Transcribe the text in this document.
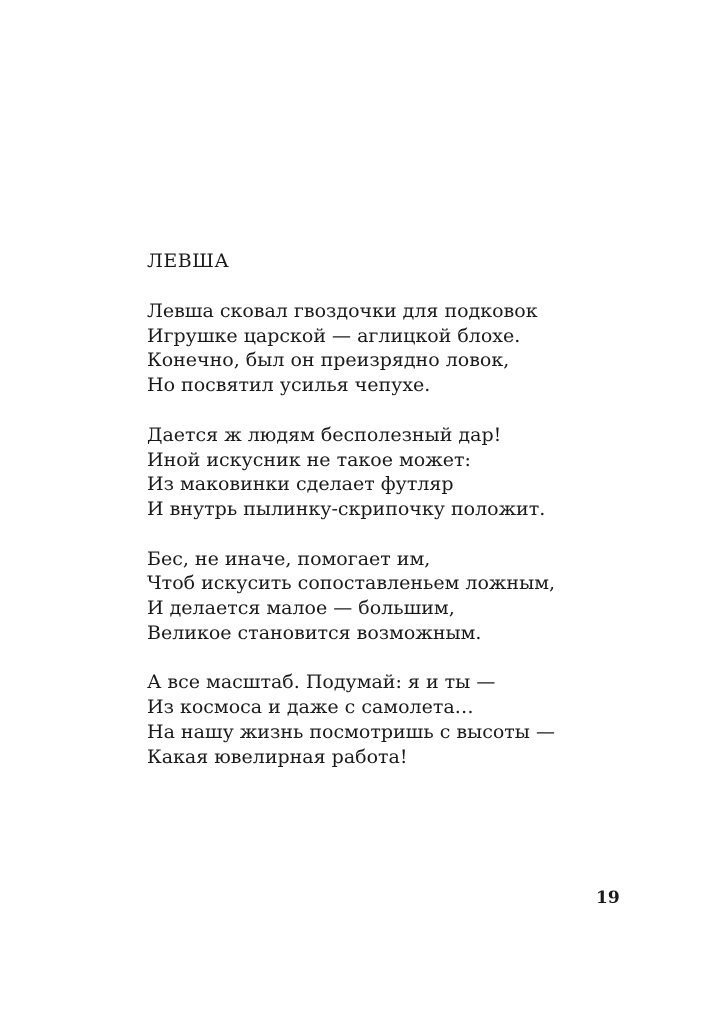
ЛЕВША
Левша сковал гвоздочки для подковок
Игрушке царской — аглицкой блохе.
Конечно, был он преизрядно ловок,
Но посвятил усилья чепухе.
Дается ж людям бесполезный дар!
Иной искусник не такое может:
Из маковинки сделает футляр
И внутрь пылинку-скрипочку положит.
Бес, не иначе, помогает им,
Чтоб искусить сопоставленьем ложным,
И делается малое — большим,
Великое становится возможным.
А все масштаб. Подумай: я и ты —
Из космоса и даже с самолета…
На нашу жизнь посмотришь с высоты —
Какая ювелирная работа!
19
